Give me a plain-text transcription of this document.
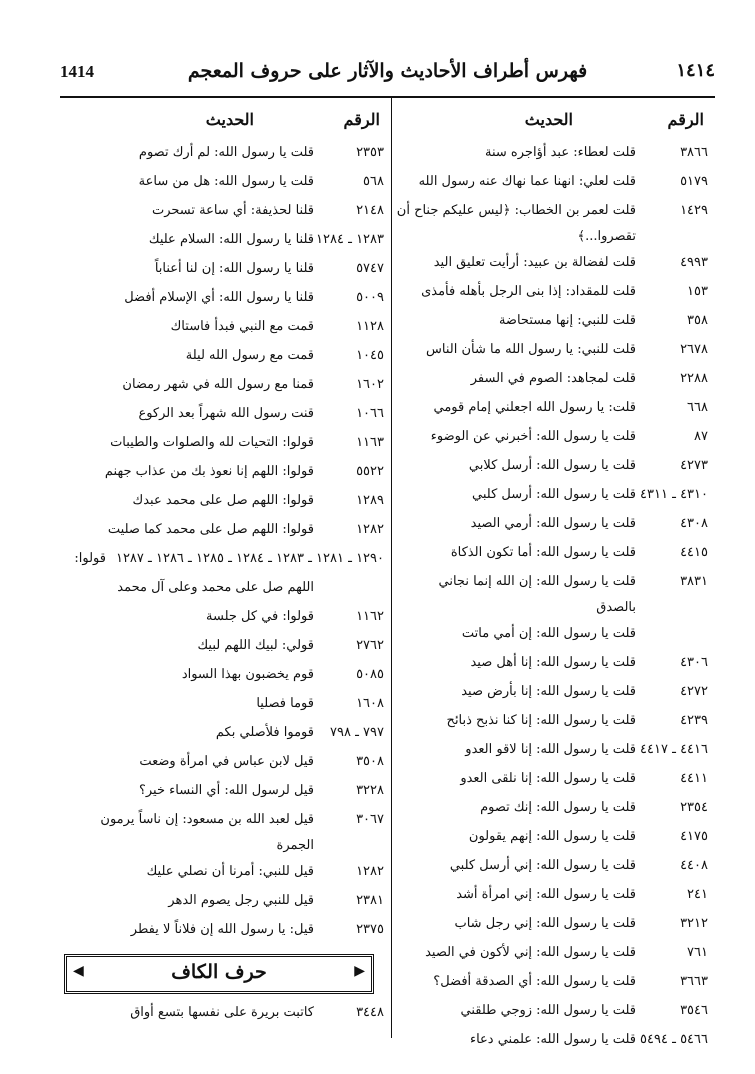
1414	فهرس أطراف الأحاديث والآثار على حروف المعجم	١٤١٤
الرقم
الحديث
٣٨٦٦
قلت لعطاء: عبد أؤاجره سنة
٥١٧٩
قلت لعلي: انهنا عما نهاك عنه رسول الله
١٤٢٩
قلت لعمر بن الخطاب: ﴿ليس عليكم جناح أن تقصروا...﴾
٤٩٩٣
قلت لفضالة بن عبيد: أرأيت تعليق اليد
١٥٣
قلت للمقداد: إذا بنى الرجل بأهله فأمذى
٣٥٨
قلت للنبي: إنها مستحاضة
٢٦٧٨
قلت للنبي: يا رسول الله ما شأن الناس
٢٢٨٨
قلت لمجاهد: الصوم في السفر
٦٦٨
قلت: يا رسول الله اجعلني إمام قومي
٨٧
قلت يا رسول الله: أخبرني عن الوضوء
٤٢٧٣
قلت يا رسول الله: أرسل كلابي
٤٣١٠ ـ ٤٣١١
قلت يا رسول الله: أرسل كلبي
٤٣٠٨
قلت يا رسول الله: أرمي الصيد
٤٤١٥
قلت يا رسول الله: أما تكون الذكاة
٣٨٣١
قلت يا رسول الله: إن الله إنما نجاني بالصدق
قلت يا رسول الله: إن أمي ماتت
٤٣٠٦
قلت يا رسول الله: إنا أهل صيد
٤٢٧٢
قلت يا رسول الله: إنا بأرض صيد
٤٢٣٩
قلت يا رسول الله: إنا كنا نذبح ذبائح
٤٤١٦ ـ ٤٤١٧
قلت يا رسول الله: إنا لاقو العدو
٤٤١١
قلت يا رسول الله: إنا نلقى العدو
٢٣٥٤
قلت يا رسول الله: إنك تصوم
٤١٧٥
قلت يا رسول الله: إنهم يقولون
٤٤٠٨
قلت يا رسول الله: إني أرسل كلبي
٢٤١
قلت يا رسول الله: إني امرأة أشد
٣٢١٢
قلت يا رسول الله: إني رجل شاب
٧٦١
قلت يا رسول الله: إني لأكون في الصيد
٣٦٦٣
قلت يا رسول الله: أي الصدقة أفضل؟
٣٥٤٦
قلت يا رسول الله: زوجي طلقني
٥٤٦٦ ـ ٥٤٩٤
قلت يا رسول الله: علمني دعاء
الرقم
الحديث
٢٣٥٣
قلت يا رسول الله: لم أرك تصوم
٥٦٨
قلت يا رسول الله: هل من ساعة
٢١٤٨
قلنا لحذيفة: أي ساعة تسحرت
١٢٨٣ ـ ١٢٨٤
قلنا يا رسول الله: السلام عليك
٥٧٤٧
قلنا يا رسول الله: إن لنا أعناباً
٥٠٠٩
قلنا يا رسول الله: أي الإسلام أفضل
١١٢٨
قمت مع النبي فبدأ فاستاك
١٠٤٥
قمت مع رسول الله ليلة
١٦٠٢
قمنا مع رسول الله في شهر رمضان
١٠٦٦
قنت رسول الله شهراً بعد الركوع
١١٦٣
قولوا: التحيات لله والصلوات والطيبات
٥٥٢٢
قولوا: اللهم إنا نعوذ بك من عذاب جهنم
١٢٨٩
قولوا: اللهم صل على محمد عبدك
١٢٨٢
قولوا: اللهم صل على محمد كما صليت
١٢٩٠ ـ ١٢٨١ ـ ١٢٨٣ ـ ١٢٨٤ ـ ١٢٨٥ ـ ١٢٨٦ ـ ١٢٨٧
قولوا:
اللهم صل على محمد وعلى آل محمد
١١٦٢
قولوا: في كل جلسة
٢٧٦٢
قولي: لبيك اللهم لبيك
٥٠٨٥
قوم يخضبون بهذا السواد
١٦٠٨
قوما فصليا
٧٩٧ ـ ٧٩٨
قوموا فلأصلي بكم
٣٥٠٨
قيل لابن عباس في امرأة وضعت
٣٢٢٨
قيل لرسول الله: أي النساء خير؟
٣٠٦٧
قيل لعبد الله بن مسعود: إن ناساً يرمون الجمرة
١٢٨٢
قيل للنبي: أمرنا أن نصلي عليك
٢٣٨١
قيل للنبي رجل يصوم الدهر
٢٣٧٥
قيل: يا رسول الله إن فلاناً لا يفطر
▶
حرف الكاف
◀
٣٤٤٨
كاتبت بريرة على نفسها بتسع أواق
